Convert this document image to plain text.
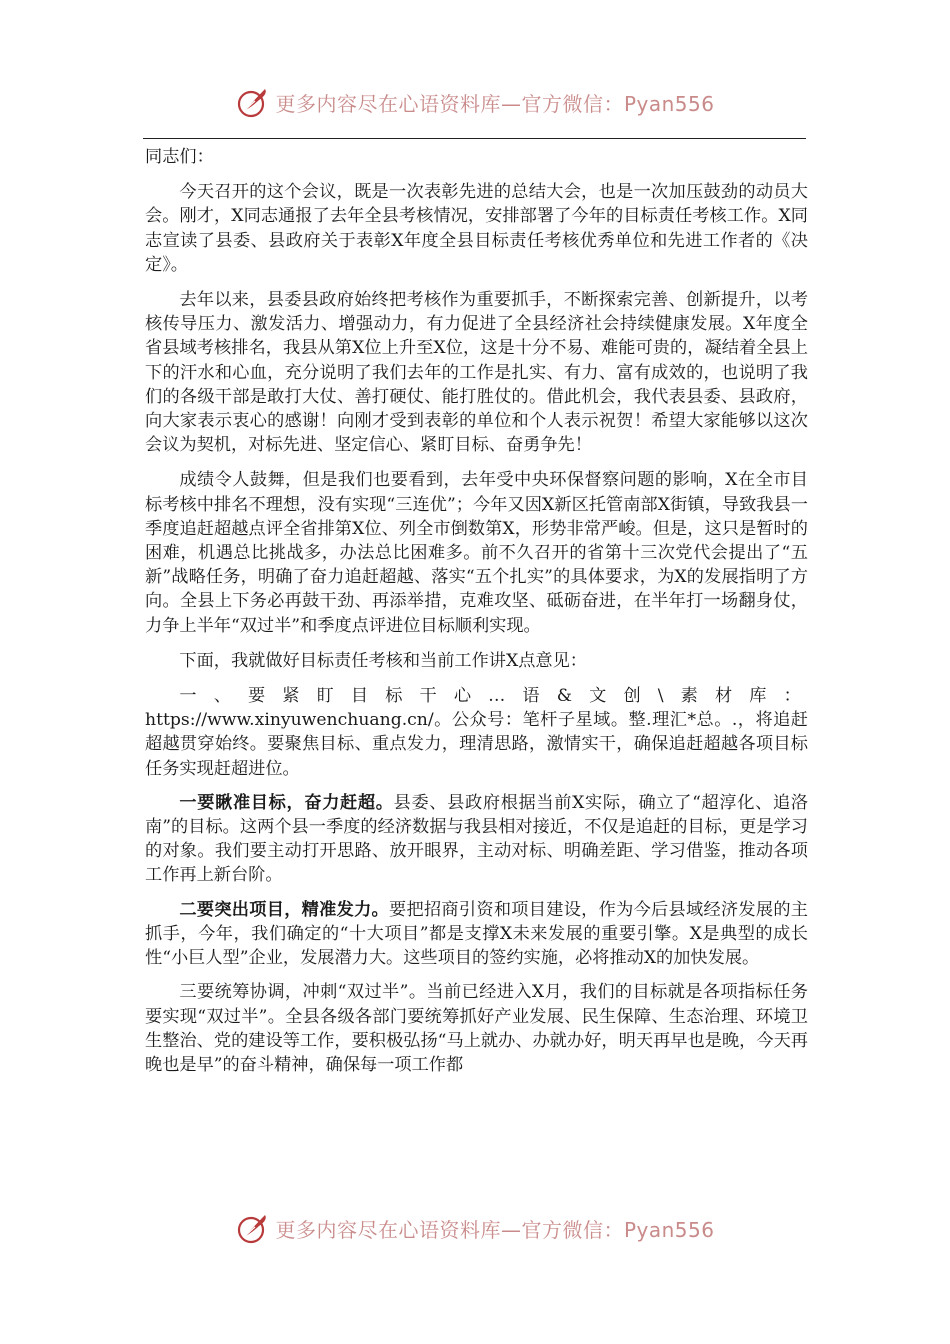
更多内容尽在心语资料库—官方微信：Pyan556

同志们：

今天召开的这个会议，既是一次表彰先进的总结大会，也是一次加压鼓劲的动员大会。刚才，X同志通报了去年全县考核情况，安排部署了今年的目标责任考核工作。X同志宣读了县委、县政府关于表彰X年度全县目标责任考核优秀单位和先进工作者的《决定》。

去年以来，县委县政府始终把考核作为重要抓手，不断探索完善、创新提升，以考核传导压力、激发活力、增强动力，有力促进了全县经济社会持续健康发展。X年度全省县域考核排名，我县从第X位上升至X位，这是十分不易、难能可贵的，凝结着全县上下的汗水和心血，充分说明了我们去年的工作是扎实、有力、富有成效的，也说明了我们的各级干部是敢打大仗、善打硬仗、能打胜仗的。借此机会，我代表县委、县政府，向大家表示衷心的感谢！向刚才受到表彰的单位和个人表示祝贺！希望大家能够以这次会议为契机，对标先进、坚定信心、紧盯目标、奋勇争先！

成绩令人鼓舞，但是我们也要看到，去年受中央环保督察问题的影响，X在全市目标考核中排名不理想，没有实现“三连优”；今年又因X新区托管南部X街镇，导致我县一季度追赶超越点评全省排第X位、列全市倒数第X，形势非常严峻。但是，这只是暂时的困难，机遇总比挑战多，办法总比困难多。前不久召开的省第十三次党代会提出了“五新”战略任务，明确了奋力追赶超越、落实“五个扎实”的具体要求，为X的发展指明了方向。全县上下务必再鼓干劲、再添举措，克难攻坚、砥砺奋进，在半年打一场翻身仗，力争上半年“双过半”和季度点评进位目标顺利实现。

下面，我就做好目标责任考核和当前工作讲X点意见：

一、要紧盯目标干心…语&文创\素材库：https://www.xinyuwenchuang.cn/。公众号：笔杆子星域。整.理汇*总。.，将追赶超越贯穿始终。要聚焦目标、重点发力，理清思路，激情实干，确保追赶超越各项目标任务实现赶超进位。

一要瞅准目标，奋力赶超。县委、县政府根据当前X实际，确立了“超淳化、追洛南”的目标。这两个县一季度的经济数据与我县相对接近，不仅是追赶的目标，更是学习的对象。我们要主动打开思路、放开眼界，主动对标、明确差距、学习借鉴，推动各项工作再上新台阶。

二要突出项目，精准发力。要把招商引资和项目建设，作为今后县域经济发展的主抓手，今年，我们确定的“十大项目”都是支撑X未来发展的重要引擎。X是典型的成长性“小巨人型”企业，发展潜力大。这些项目的签约实施，必将推动X的加快发展。

三要统筹协调，冲刺“双过半”。当前已经进入X月，我们的目标就是各项指标任务要实现“双过半”。全县各级各部门要统筹抓好产业发展、民生保障、生态治理、环境卫生整治、党的建设等工作，要积极弘扬“马上就办、办就办好，明天再早也是晚，今天再晚也是早”的奋斗精神，确保每一项工作都

更多内容尽在心语资料库—官方微信：Pyan556
